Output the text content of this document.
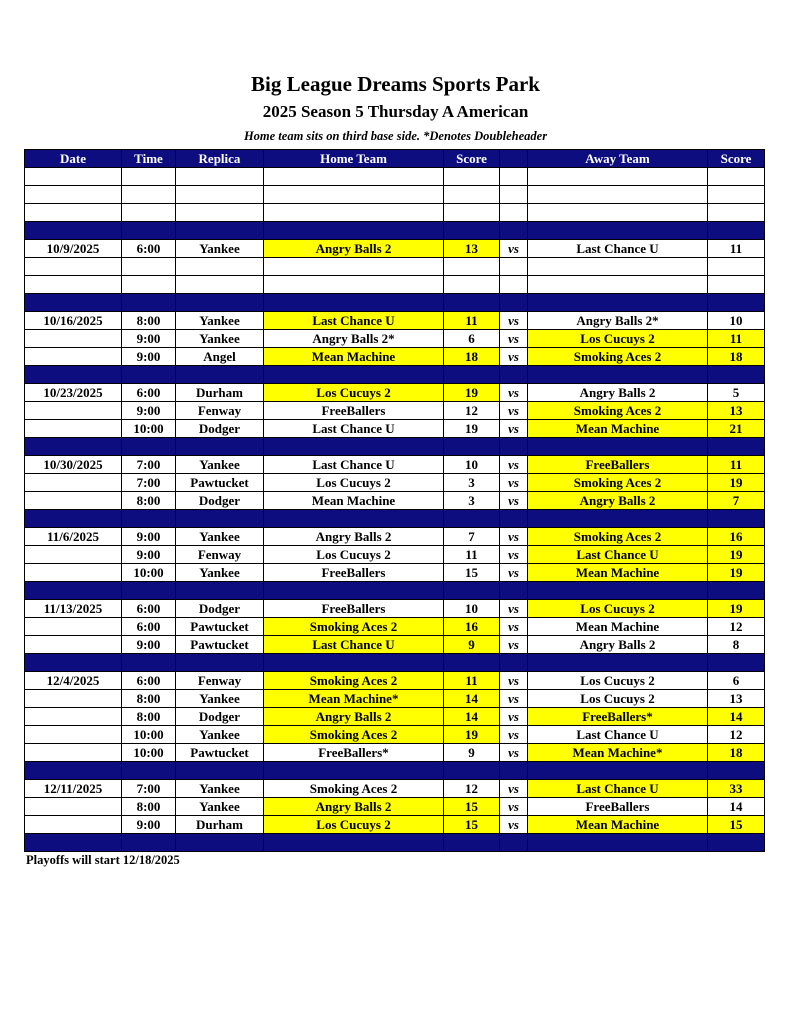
Big League Dreams Sports Park
2025 Season 5 Thursday A American
Home team sits on third base side. *Denotes Doubleheader
Date	Time	Replica	Home Team	Score		Away Team	Score

10/9/2025	6:00	Yankee	Angry Balls 2	13	vs	Last Chance U	11

10/16/2025	8:00	Yankee	Last Chance U	11	vs	Angry Balls 2*	10
	9:00	Yankee	Angry Balls 2*	6	vs	Los Cucuys 2	11
	9:00	Angel	Mean Machine	18	vs	Smoking Aces 2	18

10/23/2025	6:00	Durham	Los Cucuys 2	19	vs	Angry Balls 2	5
	9:00	Fenway	FreeBallers	12	vs	Smoking Aces 2	13
	10:00	Dodger	Last Chance U	19	vs	Mean Machine	21

10/30/2025	7:00	Yankee	Last Chance U	10	vs	FreeBallers	11
	7:00	Pawtucket	Los Cucuys 2	3	vs	Smoking Aces 2	19
	8:00	Dodger	Mean Machine	3	vs	Angry Balls 2	7

11/6/2025	9:00	Yankee	Angry Balls 2	7	vs	Smoking Aces 2	16
	9:00	Fenway	Los Cucuys 2	11	vs	Last Chance U	19
	10:00	Yankee	FreeBallers	15	vs	Mean Machine	19

11/13/2025	6:00	Dodger	FreeBallers	10	vs	Los Cucuys 2	19
	6:00	Pawtucket	Smoking Aces 2	16	vs	Mean Machine	12
	9:00	Pawtucket	Last Chance U	9	vs	Angry Balls 2	8

12/4/2025	6:00	Fenway	Smoking Aces 2	11	vs	Los Cucuys 2	6
	8:00	Yankee	Mean Machine*	14	vs	Los Cucuys 2	13
	8:00	Dodger	Angry Balls 2	14	vs	FreeBallers*	14
	10:00	Yankee	Smoking Aces 2	19	vs	Last Chance U	12
	10:00	Pawtucket	FreeBallers*	9	vs	Mean Machine*	18

12/11/2025	7:00	Yankee	Smoking Aces 2	12	vs	Last Chance U	33
	8:00	Yankee	Angry Balls 2	15	vs	FreeBallers	14
	9:00	Durham	Los Cucuys 2	15	vs	Mean Machine	15

Playoffs will start 12/18/2025
